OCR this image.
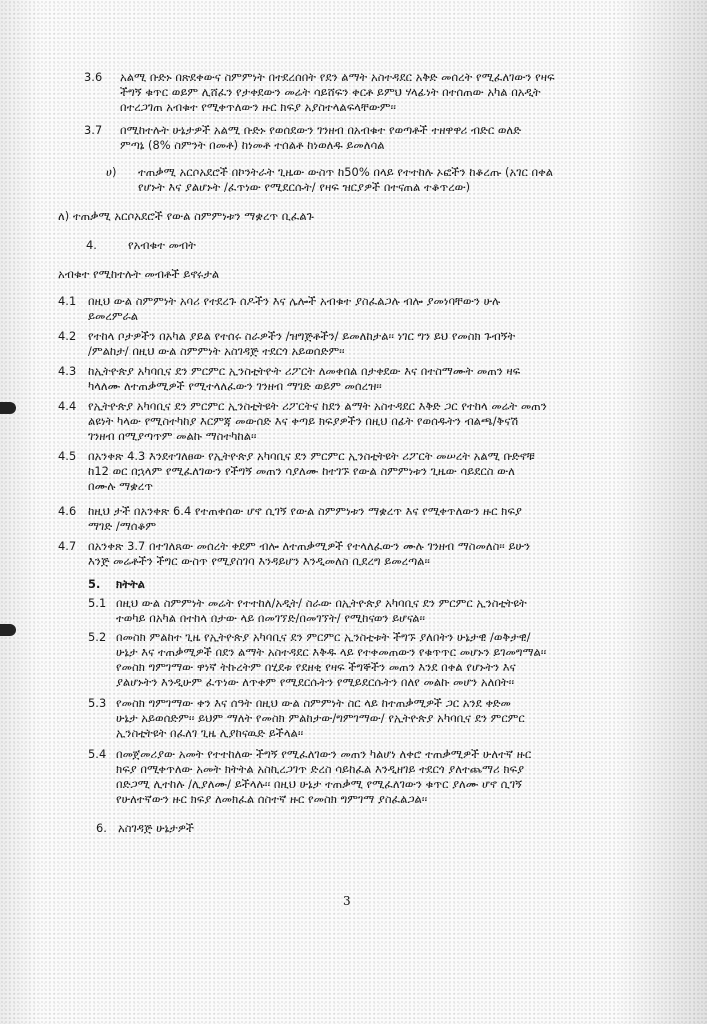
3.6	አልሚ ቡድኑ በጽደቀውና ስምምነት በተደረሰበት የደን ልማት አስተዳደር አቅድ መሰረት የሚፈለገውን የዛፍ
ችግኝ ቁጥር ወይም ሊሸፈን የታቀደውን መሬት ሳይሸፍን ቀርቶ ይምህ ሃላፊነት በተሰጠው አካል በአዲት
በተረጋገጠ አብቁተ የሚቀጥለውን ዙር ክፍያ አያስተላልፍላቸውም፡፡
3.7	በሚከተሉት ሁኔታዎች አልሚ ቡድኑ የወሰደውን ገንዘብ በአብቁተ የወጣቶች ተዘዋዋሪ ብድር ወለድ
ምጣኔ (8% ስምንት በመቶ) ከነመቶ ተሰልቶ ከነወለዱ ይመለሳል
ሀ)	ተጠቃሚ አርሶአደሮች በኮንትራት ጊዜው ውስጥ ከ50% በላይ የተተከሉ ኦፎችን ከቆረጡ (አገር በቀል
የሆኑት እና ያልሆኑት /ፈጥነው የሚደርሱት/ የዛፍ ዝርያዎች በተናጠል ተቆጥረው)
ለ) ተጠቃሚ አርሶአደሮች የውል ስምምነቱን ማቋረጥ ቢፈልጉ
4.	የአብቁተ መብት
አብቁተ የሚከተሉት መብቶች ይኖሩታል
4.1	በዚህ ውል ስምምነት አባሪ የተደረጉ ሰዶችን እና ሌሎች አብቁተ ያስፈልጋሉ ብሎ ያመነባቸውን ሁሉ
ይመረምራል
4.2	የተከላ ቦታዎችን በአካል ያይል የተሰሩ ስራዎችን /ዝግጅቶችን/ ይመለከታል፡፡ ነገር ግን ይህ የመስክ ጉብኝት
/ምልከታ/ በዚህ ውል ስምምነት አስገዳጅ ተደርጎ አይወሰድም፡፡
4.3	ከኢትዮጵያ አካባቢና ደን ምርምር ኢንስቲትዮት ሪፖርት ለመቀበል በታቀደው እና በተስማሙት መጠን ዛፍ
ካላለሙ ለተጠቃሚዎች የሚተላለፈውን ገንዘብ ማገድ ወይም መሰረዝ፡፡
4.4	የኢትዮጵያ አካባቢና ደን ምርምር ኢንስቲትዩት ሪፖርትና ከደን ልማት አስተዳደር እቅድ ጋር የተከላ መሬት መጠን
ልዩነት ካላው የሚስተካከያ እርምጃ መውሰድ እና ቀጣይ ክፍያዎችን በዚህ በፊት የወሰዱትን ብልጫ/ቅናሽ
ገንዘብ በሚያጣጥም መልኩ ማስተካከል፡፡
4.5	በአንቀጽ 4.3 እንደተገለፀው የኢትዮጵያ አካባቢና ደን ምርምር ኢንስቲትዩት ሪፖርት መሠረት አልሚ ቡድኖቹ
ከ12 ወር በኋላም የሚፈለገውን የችግኝ መጠን ሳያለሙ ከተገኙ የውል ስምምነቱን ጊዜው ሳይደርስ ውለ
በሙሉ ማቋረጥ
4.6	ከዚህ ታች በአንቀጽ 6.4 የተጠቀሰው ሆኖ ሲገኝ የውል ስምምነቱን ማቋረጥ እና የሚቀጥለውን ዙር ክፍያ
ማገድ /ማሰቆም
4.7	በአንቀጽ 3.7 በተገለጸው መሰረት ቀደም ብሎ ለተጠቃሚዎች የተላለፈውን ሙሉ ገንዘብ ማስመለስ፡፡ ይሁን
እንጅ መሬቶችን ችግር ውስጥ የሚያስገባ እንዳይሆን እንዲመለስ ቢደረግ ይመረጣል፡፡
5.	ክትትል
5.1 በዚህ ውል ስምምነት መሬት የተተከለ/አዲት/ ስራው በኢትዮጵያ አካባቢና ደን ምርምር ኢንስቲትዩት
ተወካይ በአካል በተከላ በታው ላይ በመገኘድ/በመገኘት/ የሚከናወን ይሆናል፡፡
5.2 በመስክ ምልከተ ጊዜ የኢትዮጵያ አካባቢና ደን ምርምር ኢንስቲቱት ችግኙ ያለበትን ሁኔታዊ /ወቅታዊ/
ሁኔታ እና ተጠቃሚዎች በደን ልማት አስተዳደር እቅዱ ላይ የተቀመጠውን የቁጥጥር መሆኑን ይገመግማል፡፡
የመስክ ግምገማው ዋነኛ ትኩረትም በሂደቱ የደዘቂ የዛፍ ችግኞችን መጠን እንደ በቀል የሆኑትን እና
ያልሆኑትን እንዲሁም ፈጥነው ለጥቀም የሚደርሱትን የሚይደርሱትን በለየ መልኩ መሆን አለበት፡፡
5.3 የመስክ ግምገማው ቀን እና ሰዓት በዚህ ውል ስምምነት ስር ላይ ከተጠቃሚዎች ጋር አንደ ቀድመ
ሁኔታ አይወሰድም፡፡ ይህም ማለት የመስክ ምልከታው/ግምገማው/ የኢትዮጵያ አካባቢና ደን ምርምር
ኢንስቲትዩት በፈለገ ጊዜ ሊያከናዉድ ይችላል፡፡
5.4 በመጀመሪያው አመት የተተከለው ችግኝ የሚፈለገውን መጠን ካልሆነ ለቀሮ ተጠቃሚዎች ሁለተኛ ዙር
ክፍያ በሚቀጥለው አመት ክትትል አስኪረጋገጥ ድረስ ሳይከፈል እንዲዘገይ ተደርጎ ያለተጨማሪ ክፍያ
በድጋሚ ሊተከሉ /ሊያለሙ/ ይችላሉ፡፡ በዚህ ሁኔታ ተጠቃሚ የሚፈለገውን ቁጥር ያለሙ ሆኖ ሲገኝ
የሁለተኛውን ዙር ክፍያ ለመክፈል ሰስተኛ ዙር የመስክ ግምገማ ያስፈልጋል፡፡
6. አስገዳጅ ሁኔታዎች
3
